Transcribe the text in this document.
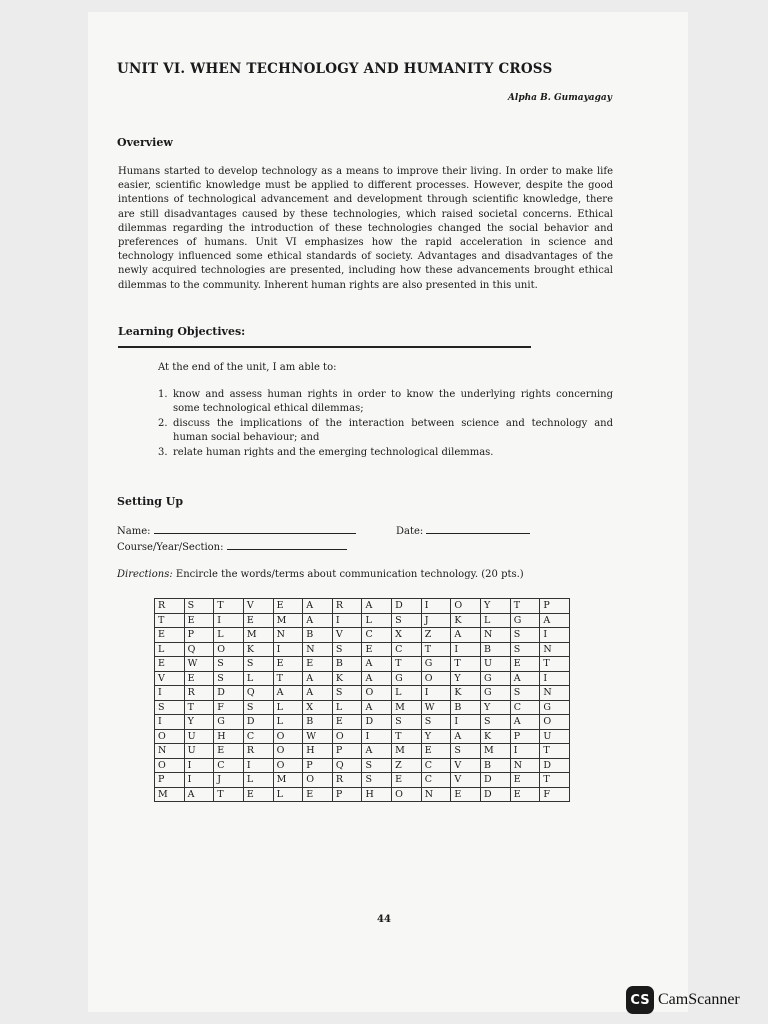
UNIT VI. WHEN TECHNOLOGY AND HUMANITY CROSS
Alpha B. Gumayagay
Overview
Humans started to develop technology as a means to improve their living. In order to make life easier, scientific knowledge must be applied to different processes. However, despite the good intentions of technological advancement and development through scientific knowledge, there are still disadvantages caused by these technologies, which raised societal concerns. Ethical dilemmas regarding the introduction of these technologies changed the social behavior and preferences of humans. Unit VI emphasizes how the rapid acceleration in science and technology influenced some ethical standards of society. Advantages and disadvantages of the newly acquired technologies are presented, including how these advancements brought ethical dilemmas to the community. Inherent human rights are also presented in this unit.
Learning Objectives:
At the end of the unit, I am able to:
1. know and assess human rights in order to know the underlying rights concerning some technological ethical dilemmas;
2. discuss the implications of the interaction between science and technology and human social behaviour; and
3. relate human rights and the emerging technological dilemmas.
Setting Up
Name:	Date:
Course/Year/Section:
Directions: Encircle the words/terms about communication technology. (20 pts.)
R	S	T	V	E	A	R	A	D	I	O	Y	T	P
T	E	I	E	M	A	I	L	S	J	K	L	G	A
E	P	L	M	N	B	V	C	X	Z	A	N	S	I
L	Q	O	K	I	N	S	E	C	T	I	B	S	N
E	W	S	S	E	E	B	A	T	G	T	U	E	T
V	E	S	L	T	A	K	A	G	O	Y	G	A	I
I	R	D	Q	A	A	S	O	L	I	K	G	S	N
S	T	F	S	L	X	L	A	M	W	B	Y	C	G
I	Y	G	D	L	B	E	D	S	S	I	S	A	O
O	U	H	C	O	W	O	I	T	Y	A	K	P	U
N	U	E	R	O	H	P	A	M	E	S	M	I	T
O	I	C	I	O	P	Q	S	Z	C	V	B	N	D
P	I	J	L	M	O	R	S	E	C	V	D	E	T
M	A	T	E	L	E	P	H	O	N	E	D	E	F
44
CS CamScanner
